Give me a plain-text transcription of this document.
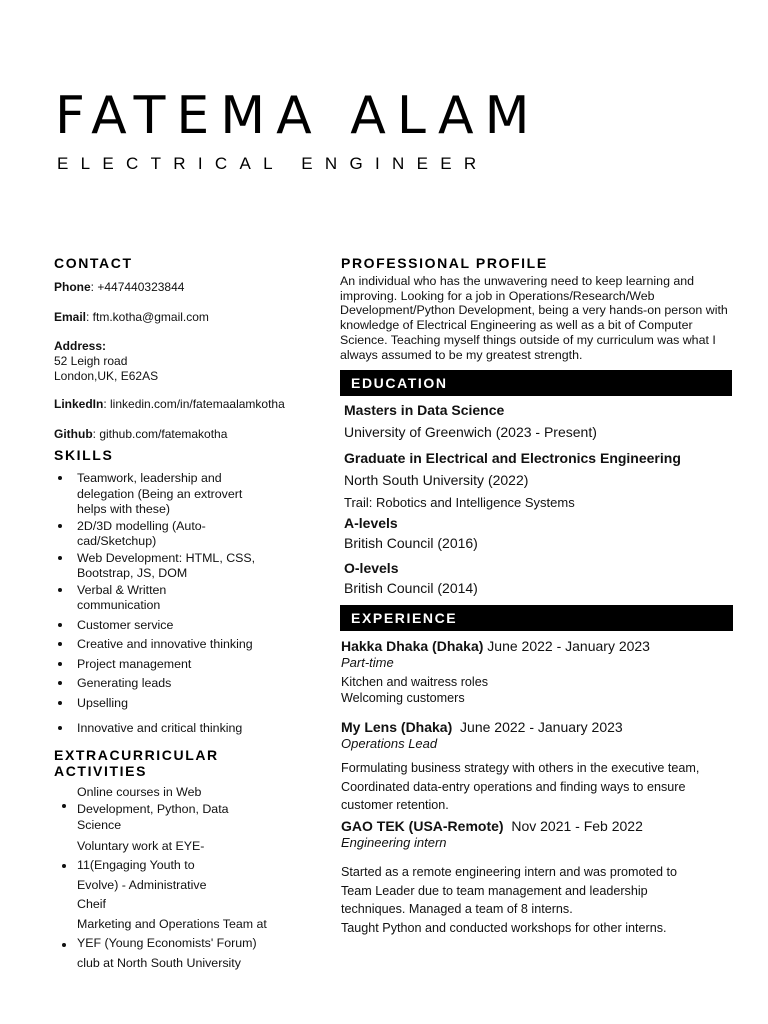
FATEMA ALAM
ELECTRICAL ENGINEER
CONTACT
Phone: +447440323844
Email: ftm.kotha@gmail.com
Address:
52 Leigh road
London,UK, E62AS
LinkedIn: linkedin.com/in/fatemaalamkotha
Github: github.com/fatemakotha
SKILLS
Teamwork, leadership and delegation (Being an extrovert helps with these)
2D/3D modelling (Auto-cad/Sketchup)
Web Development: HTML, CSS, Bootstrap, JS, DOM
Verbal & Written communication
Customer service
Creative and innovative thinking
Project management
Generating leads
Upselling
Innovative and critical thinking
EXTRACURRICULAR ACTIVITIES
Online courses in Web Development, Python, Data Science
Voluntary work at EYE-11(Engaging Youth to Evolve) - Administrative Cheif
Marketing and Operations Team at YEF (Young Economists' Forum) club at North South University
PROFESSIONAL PROFILE
An individual who has the unwavering need to keep learning and improving. Looking for a job in Operations/Research/Web Development/Python Development, being a very hands-on person with knowledge of Electrical Engineering as well as a bit of Computer Science. Teaching myself things outside of my curriculum was what I always assumed to be my greatest strength.
EDUCATION
Masters in Data Science
University of Greenwich (2023 - Present)
Graduate in Electrical and Electronics Engineering
North South University (2022)
Trail: Robotics and Intelligence Systems
A-levels
British Council (2016)
O-levels
British Council (2014)
EXPERIENCE
Hakka Dhaka (Dhaka) June 2022 - January 2023
Part-time
Kitchen and waitress roles
Welcoming customers
My Lens (Dhaka) June 2022 - January 2023
Operations Lead
Formulating business strategy with others in the executive team, Coordinated data-entry operations and finding ways to ensure customer retention.
GAO TEK (USA-Remote) Nov 2021 - Feb 2022
Engineering intern
Started as a remote engineering intern and was promoted to Team Leader due to team management and leadership techniques. Managed a team of 8 interns.
Taught Python and conducted workshops for other interns.
